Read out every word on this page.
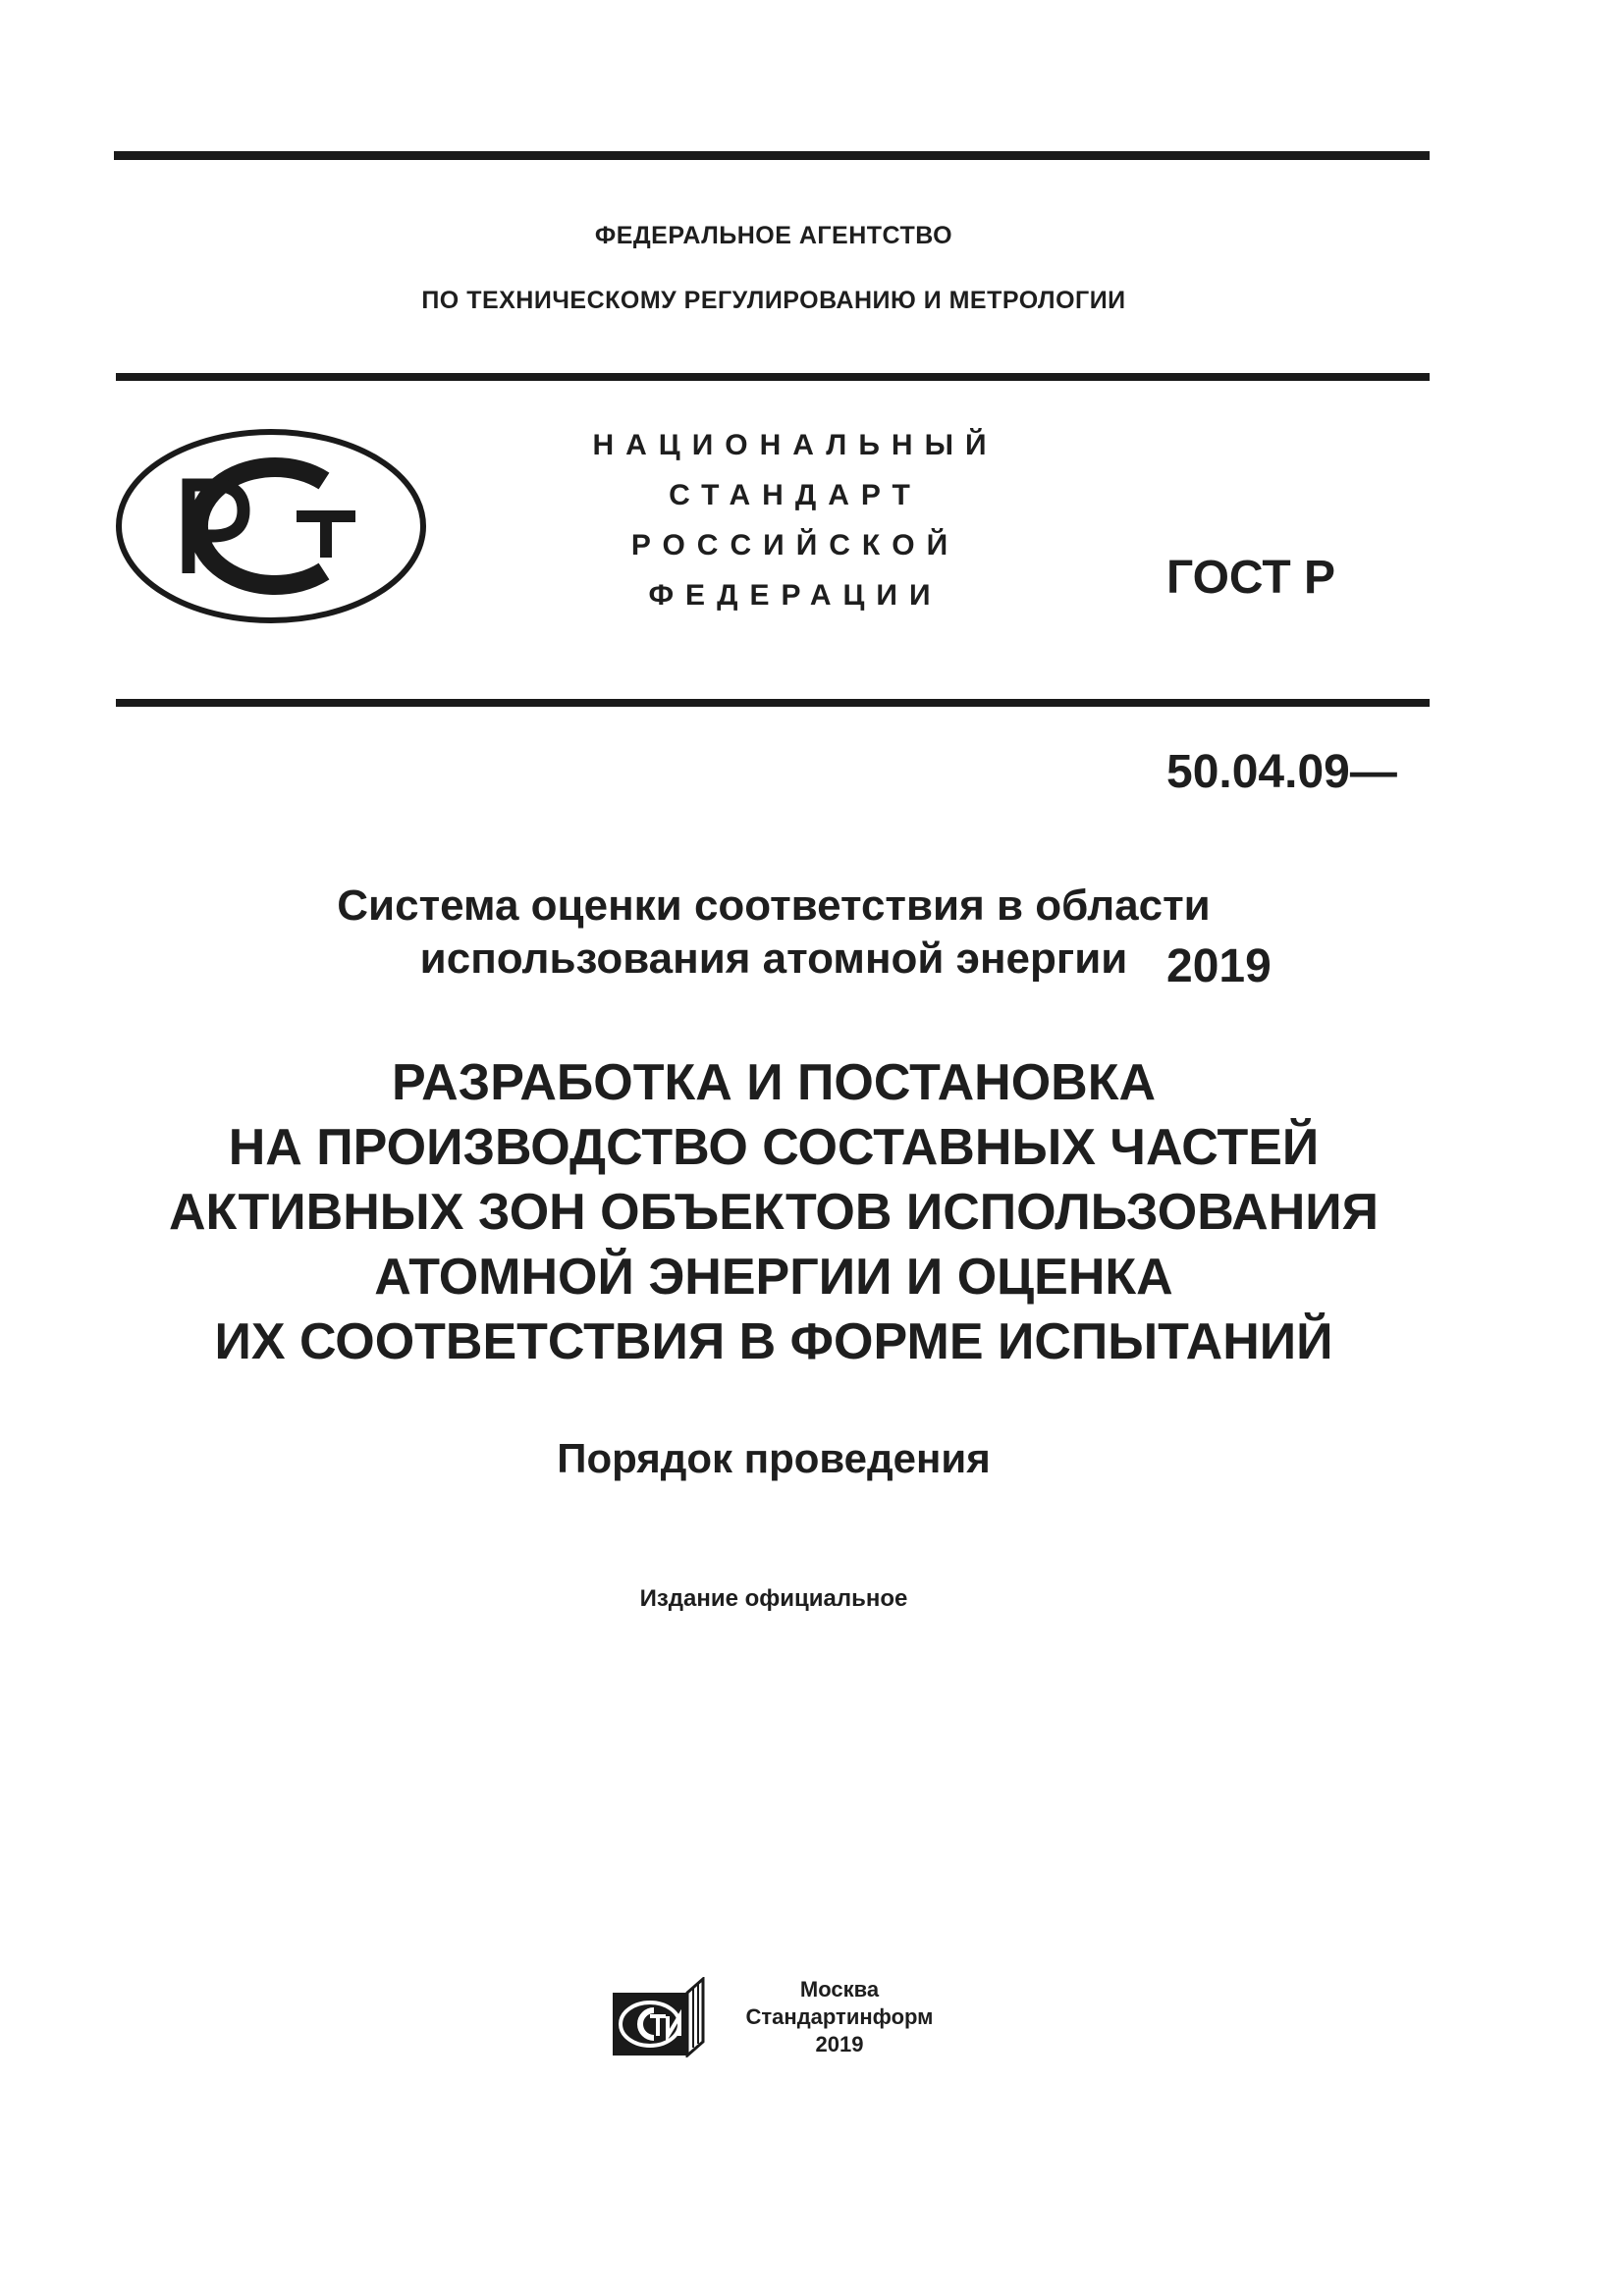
ФЕДЕРАЛЬНОЕ АГЕНТСТВО
ПО ТЕХНИЧЕСКОМУ РЕГУЛИРОВАНИЮ И МЕТРОЛОГИИ
НАЦИОНАЛЬНЫЙ
СТАНДАРТ
РОССИЙСКОЙ
ФЕДЕРАЦИИ

	ГОСТ Р

50.04.09—

2019

Система оценки соответствия в области
использования атомной энергии
РАЗРАБОТКА И ПОСТАНОВКА
НА ПРОИЗВОДСТВО СОСТАВНЫХ ЧАСТЕЙ
АКТИВНЫХ ЗОН ОБЪЕКТОВ ИСПОЛЬЗОВАНИЯ
АТОМНОЙ ЭНЕРГИИ И ОЦЕНКА
ИХ СООТВЕТСТВИЯ В ФОРМЕ ИСПЫТАНИЙ
Порядок проведения
Издание официальное
Москва
Стандартинформ
2019
